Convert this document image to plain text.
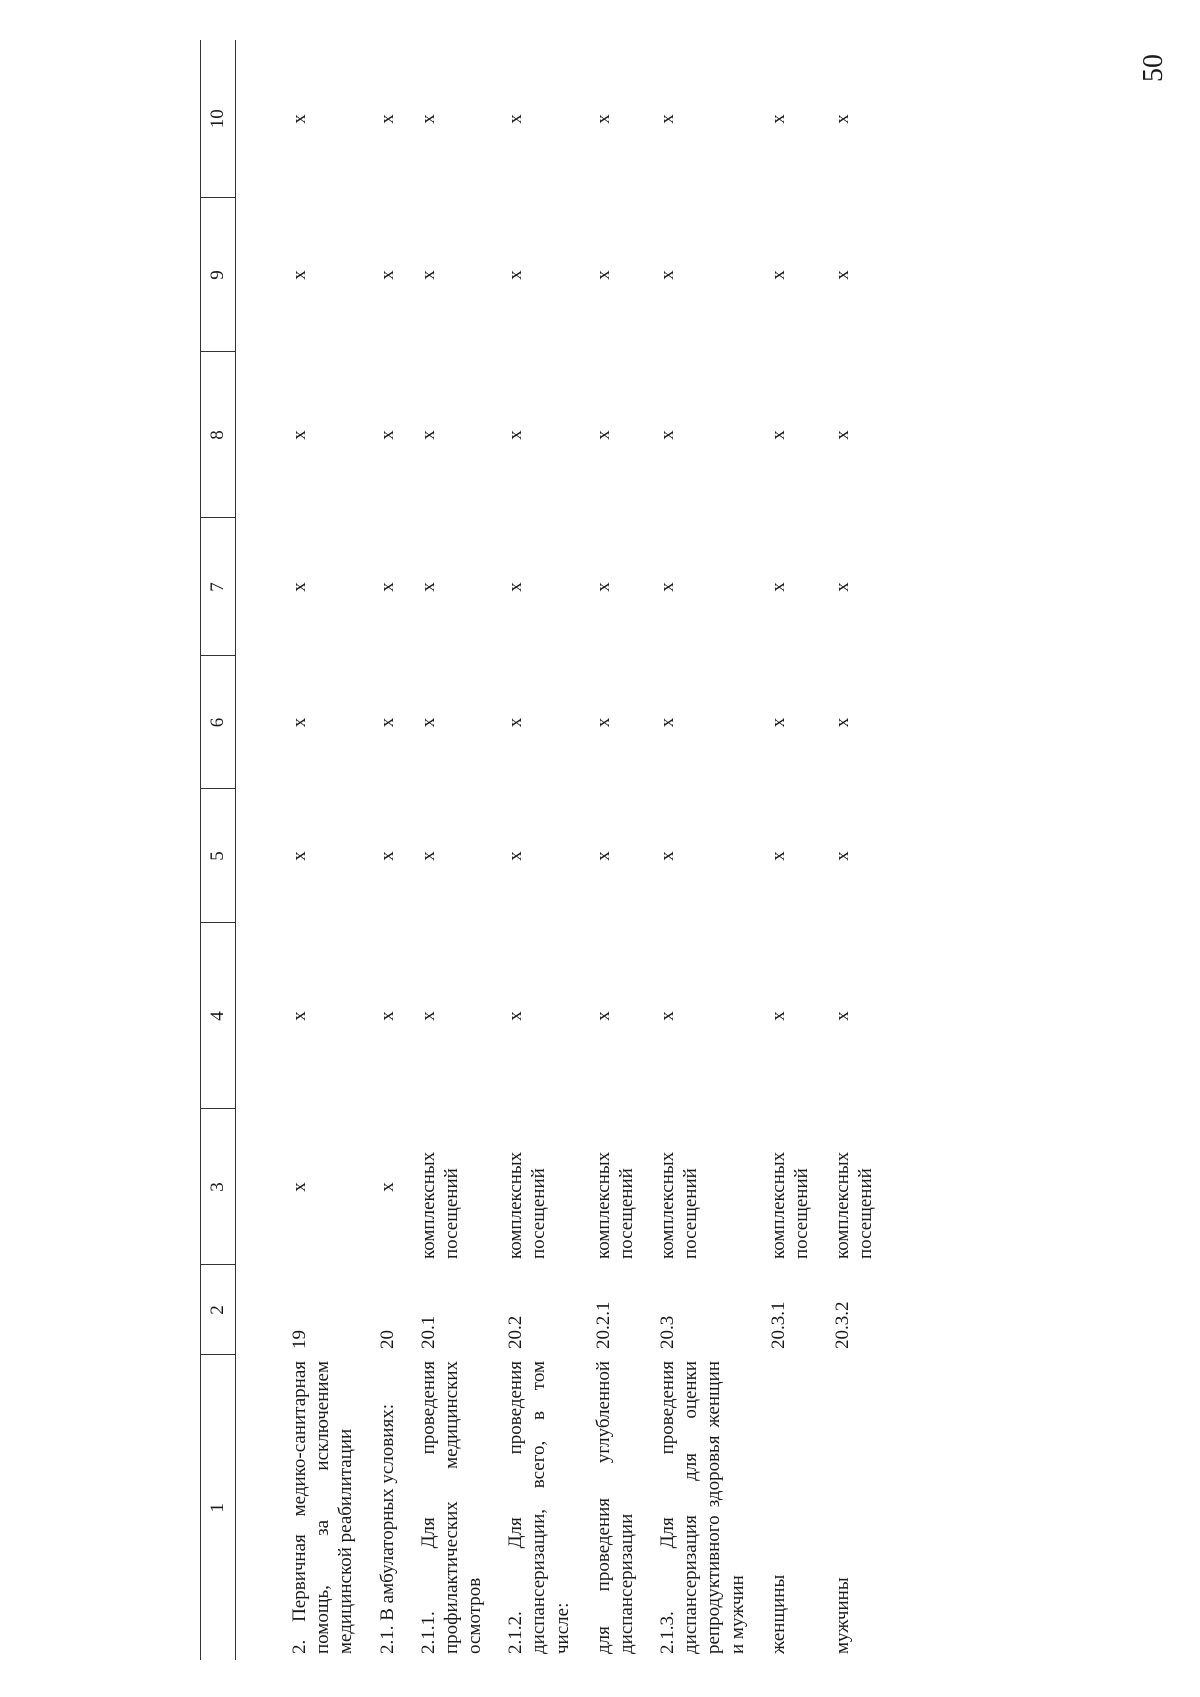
50
1	2	3	4	5	6	7	8	9	10
2. Первичная медико-санитарная помощь, за исключением медицинской реабилитации	19	х	х	х	х	х	х	х	х
2.1. В амбулаторных условиях:	20	х	х	х	х	х	х	х	х
2.1.1. Для проведения профилактических медицинских осмотров	20.1	комплексных посещений	х	х	х	х	х	х	х
2.1.2. Для проведения диспансеризации, всего, в том числе:	20.2	комплексных посещений	х	х	х	х	х	х	х
для проведения углубленной диспансеризации	20.2.1	комплексных посещений	х	х	х	х	х	х	х
2.1.3. Для проведения диспансеризация для оценки репродуктивного здоровья женщин и мужчин	20.3	комплексных посещений	х	х	х	х	х	х	х
женщины	20.3.1	комплексных посещений	х	х	х	х	х	х	х
мужчины	20.3.2	комплексных посещений	х	х	х	х	х	х	х
